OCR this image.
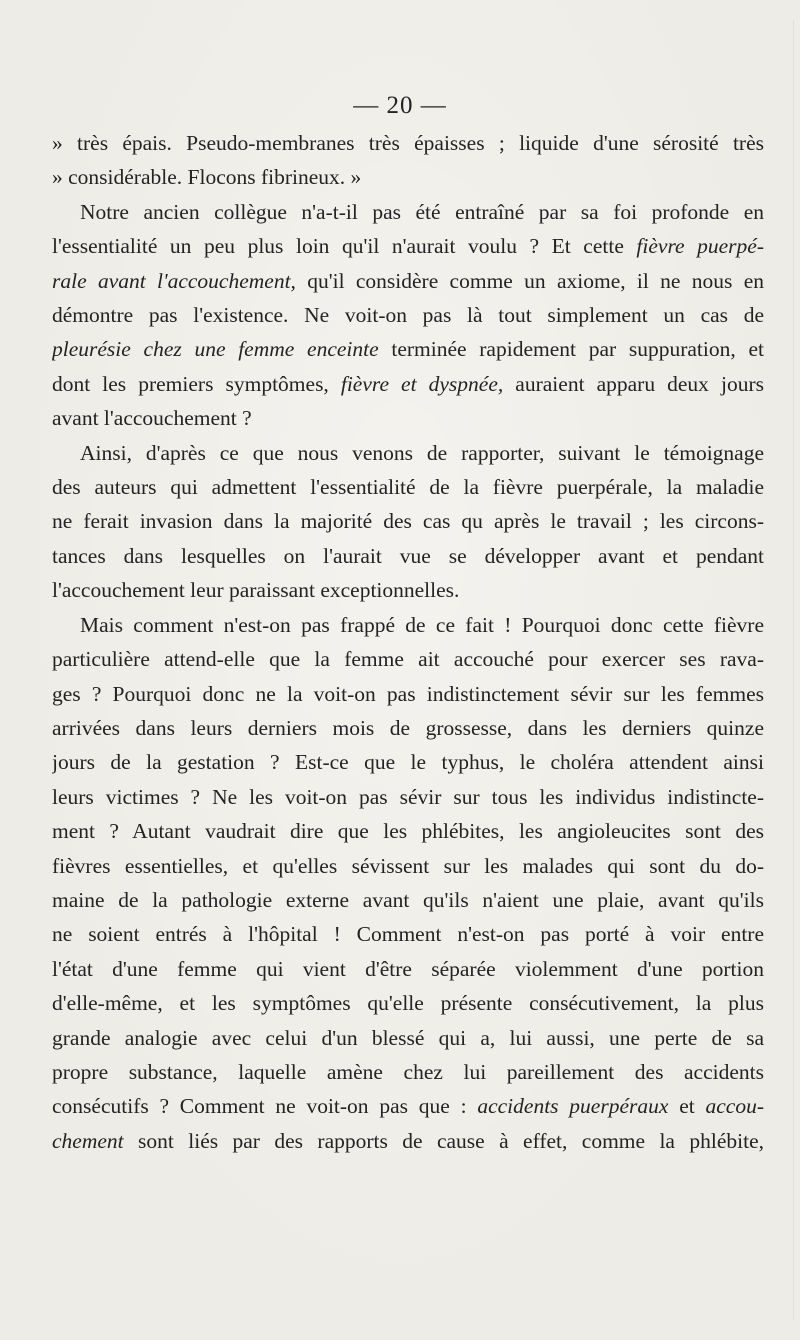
— 20 —
» très épais. Pseudo-membranes très épaisses ; liquide d'une sérosité très
» considérable. Flocons fibrineux. »
Notre ancien collègue n'a-t-il pas été entraîné par sa foi profonde en
l'essentialité un peu plus loin qu'il n'aurait voulu ? Et cette fièvre puerpé-
rale avant l'accouchement, qu'il considère comme un axiome, il ne nous en
démontre pas l'existence. Ne voit-on pas là tout simplement un cas de
pleurésie chez une femme enceinte terminée rapidement par suppuration, et
dont les premiers symptômes, fièvre et dyspnée, auraient apparu deux jours
avant l'accouchement ?
Ainsi, d'après ce que nous venons de rapporter, suivant le témoignage
des auteurs qui admettent l'essentialité de la fièvre puerpérale, la maladie
ne ferait invasion dans la majorité des cas qu après le travail ; les circons-
tances dans lesquelles on l'aurait vue se développer avant et pendant
l'accouchement leur paraissant exceptionnelles.
Mais comment n'est-on pas frappé de ce fait ! Pourquoi donc cette fièvre
particulière attend-elle que la femme ait accouché pour exercer ses rava-
ges ? Pourquoi donc ne la voit-on pas indistinctement sévir sur les femmes
arrivées dans leurs derniers mois de grossesse, dans les derniers quinze
jours de la gestation ? Est-ce que le typhus, le choléra attendent ainsi
leurs victimes ? Ne les voit-on pas sévir sur tous les individus indistincte-
ment ? Autant vaudrait dire que les phlébites, les angioleucites sont des
fièvres essentielles, et qu'elles sévissent sur les malades qui sont du do-
maine de la pathologie externe avant qu'ils n'aient une plaie, avant qu'ils
ne soient entrés à l'hôpital ! Comment n'est-on pas porté à voir entre
l'état d'une femme qui vient d'être séparée violemment d'une portion
d'elle-même, et les symptômes qu'elle présente consécutivement, la plus
grande analogie avec celui d'un blessé qui a, lui aussi, une perte de sa
propre substance, laquelle amène chez lui pareillement des accidents
consécutifs ? Comment ne voit-on pas que : accidents puerpéraux et accou-
chement sont liés par des rapports de cause à effet, comme la phlébite,
